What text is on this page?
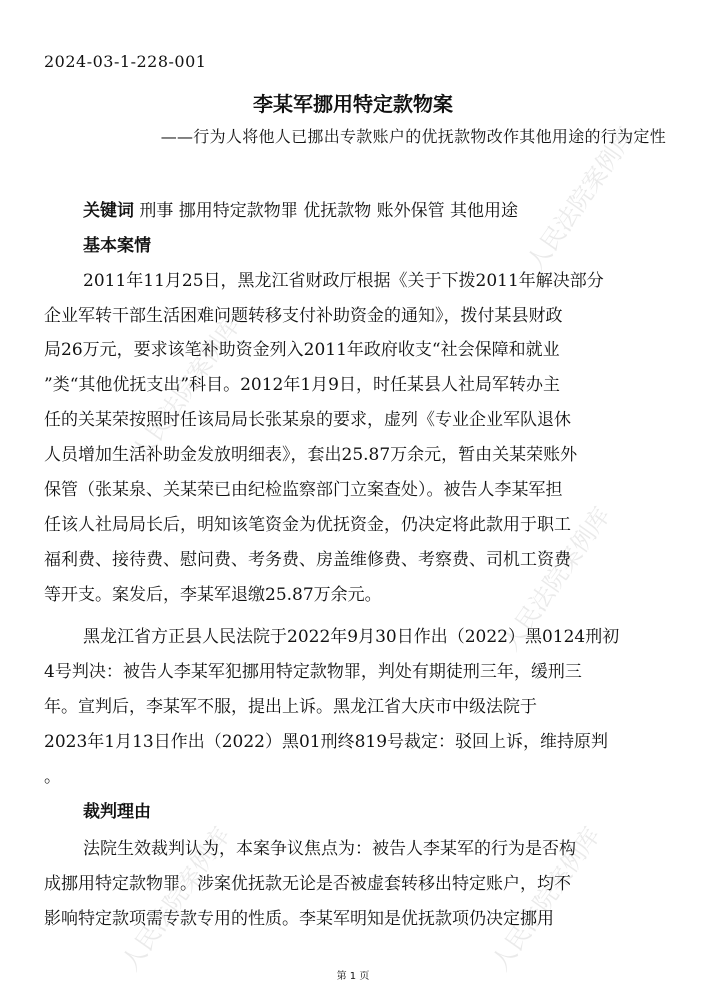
人民法院案例库
人民法院案例库
人民法院案例库
人民法院案例库	人民法院案例库
2024-03-1-228-001
李某军挪用特定款物案
——行为人将他人已挪出专款账户的优抚款物改作其他用途的行为定性
关键词 刑事 挪用特定款物罪 优抚款物 账外保管 其他用途
基本案情
2011年11月25日，黑龙江省财政厅根据《关于下拨2011年解决部分
企业军转干部生活困难问题转移支付补助资金的通知》，拨付某县财政
局26万元，要求该笔补助资金列入2011年政府收支“社会保障和就业
”类“其他优抚支出”科目。2012年1月9日，时任某县人社局军转办主
任的关某荣按照时任该局局长张某泉的要求，虚列《专业企业军队退休
人员增加生活补助金发放明细表》，套出25.87万余元，暂由关某荣账外
保管（张某泉、关某荣已由纪检监察部门立案查处）。被告人李某军担
任该人社局局长后，明知该笔资金为优抚资金，仍决定将此款用于职工
福利费、接待费、慰问费、考务费、房盖维修费、考察费、司机工资费
等开支。案发后，李某军退缴25.87万余元。
黑龙江省方正县人民法院于2022年9月30日作出（2022）黑0124刑初
4号判决：被告人李某军犯挪用特定款物罪，判处有期徒刑三年，缓刑三
年。宣判后，李某军不服，提出上诉。黑龙江省大庆市中级法院于
2023年1月13日作出（2022）黑01刑终819号裁定：驳回上诉，维持原判
。
裁判理由
法院生效裁判认为，本案争议焦点为：被告人李某军的行为是否构
成挪用特定款物罪。涉案优抚款无论是否被虚套转移出特定账户，均不
影响特定款项需专款专用的性质。李某军明知是优抚款项仍决定挪用
第 1 页
